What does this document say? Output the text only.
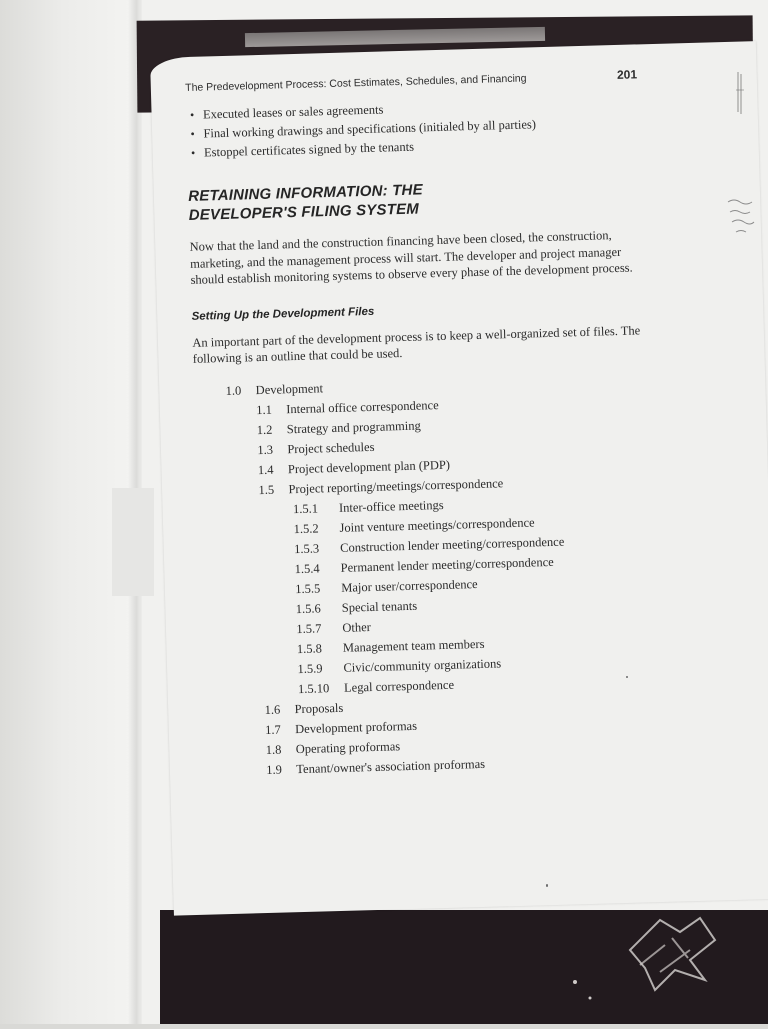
The Predevelopment Process: Cost Estimates, Schedules, and Financing	201
• Executed leases or sales agreements
• Final working drawings and specifications (initialed by all parties)
• Estoppel certificates signed by the tenants
RETAINING INFORMATION: THE DEVELOPER'S FILING SYSTEM

Now that the land and the construction financing have been closed, the construction, marketing, and the management process will start. The developer and project manager should establish monitoring systems to observe every phase of the development process.

Setting Up the Development Files

An important part of the development process is to keep a well-organized set of files. The following is an outline that could be used.

1.0	Development
1.1	Internal office correspondence
1.2	Strategy and programming
1.3	Project schedules
1.4	Project development plan (PDP)
1.5	Project reporting/meetings/correspondence
1.5.1	Inter-office meetings
1.5.2	Joint venture meetings/correspondence
1.5.3	Construction lender meeting/correspondence
1.5.4	Permanent lender meeting/correspondence
1.5.5	Major user/correspondence
1.5.6	Special tenants
1.5.7	Other
1.5.8	Management team members
1.5.9	Civic/community organizations
1.5.10	Legal correspondence
1.6	Proposals
1.7	Development proformas
1.8	Operating proformas
1.9	Tenant/owner's association proformas
